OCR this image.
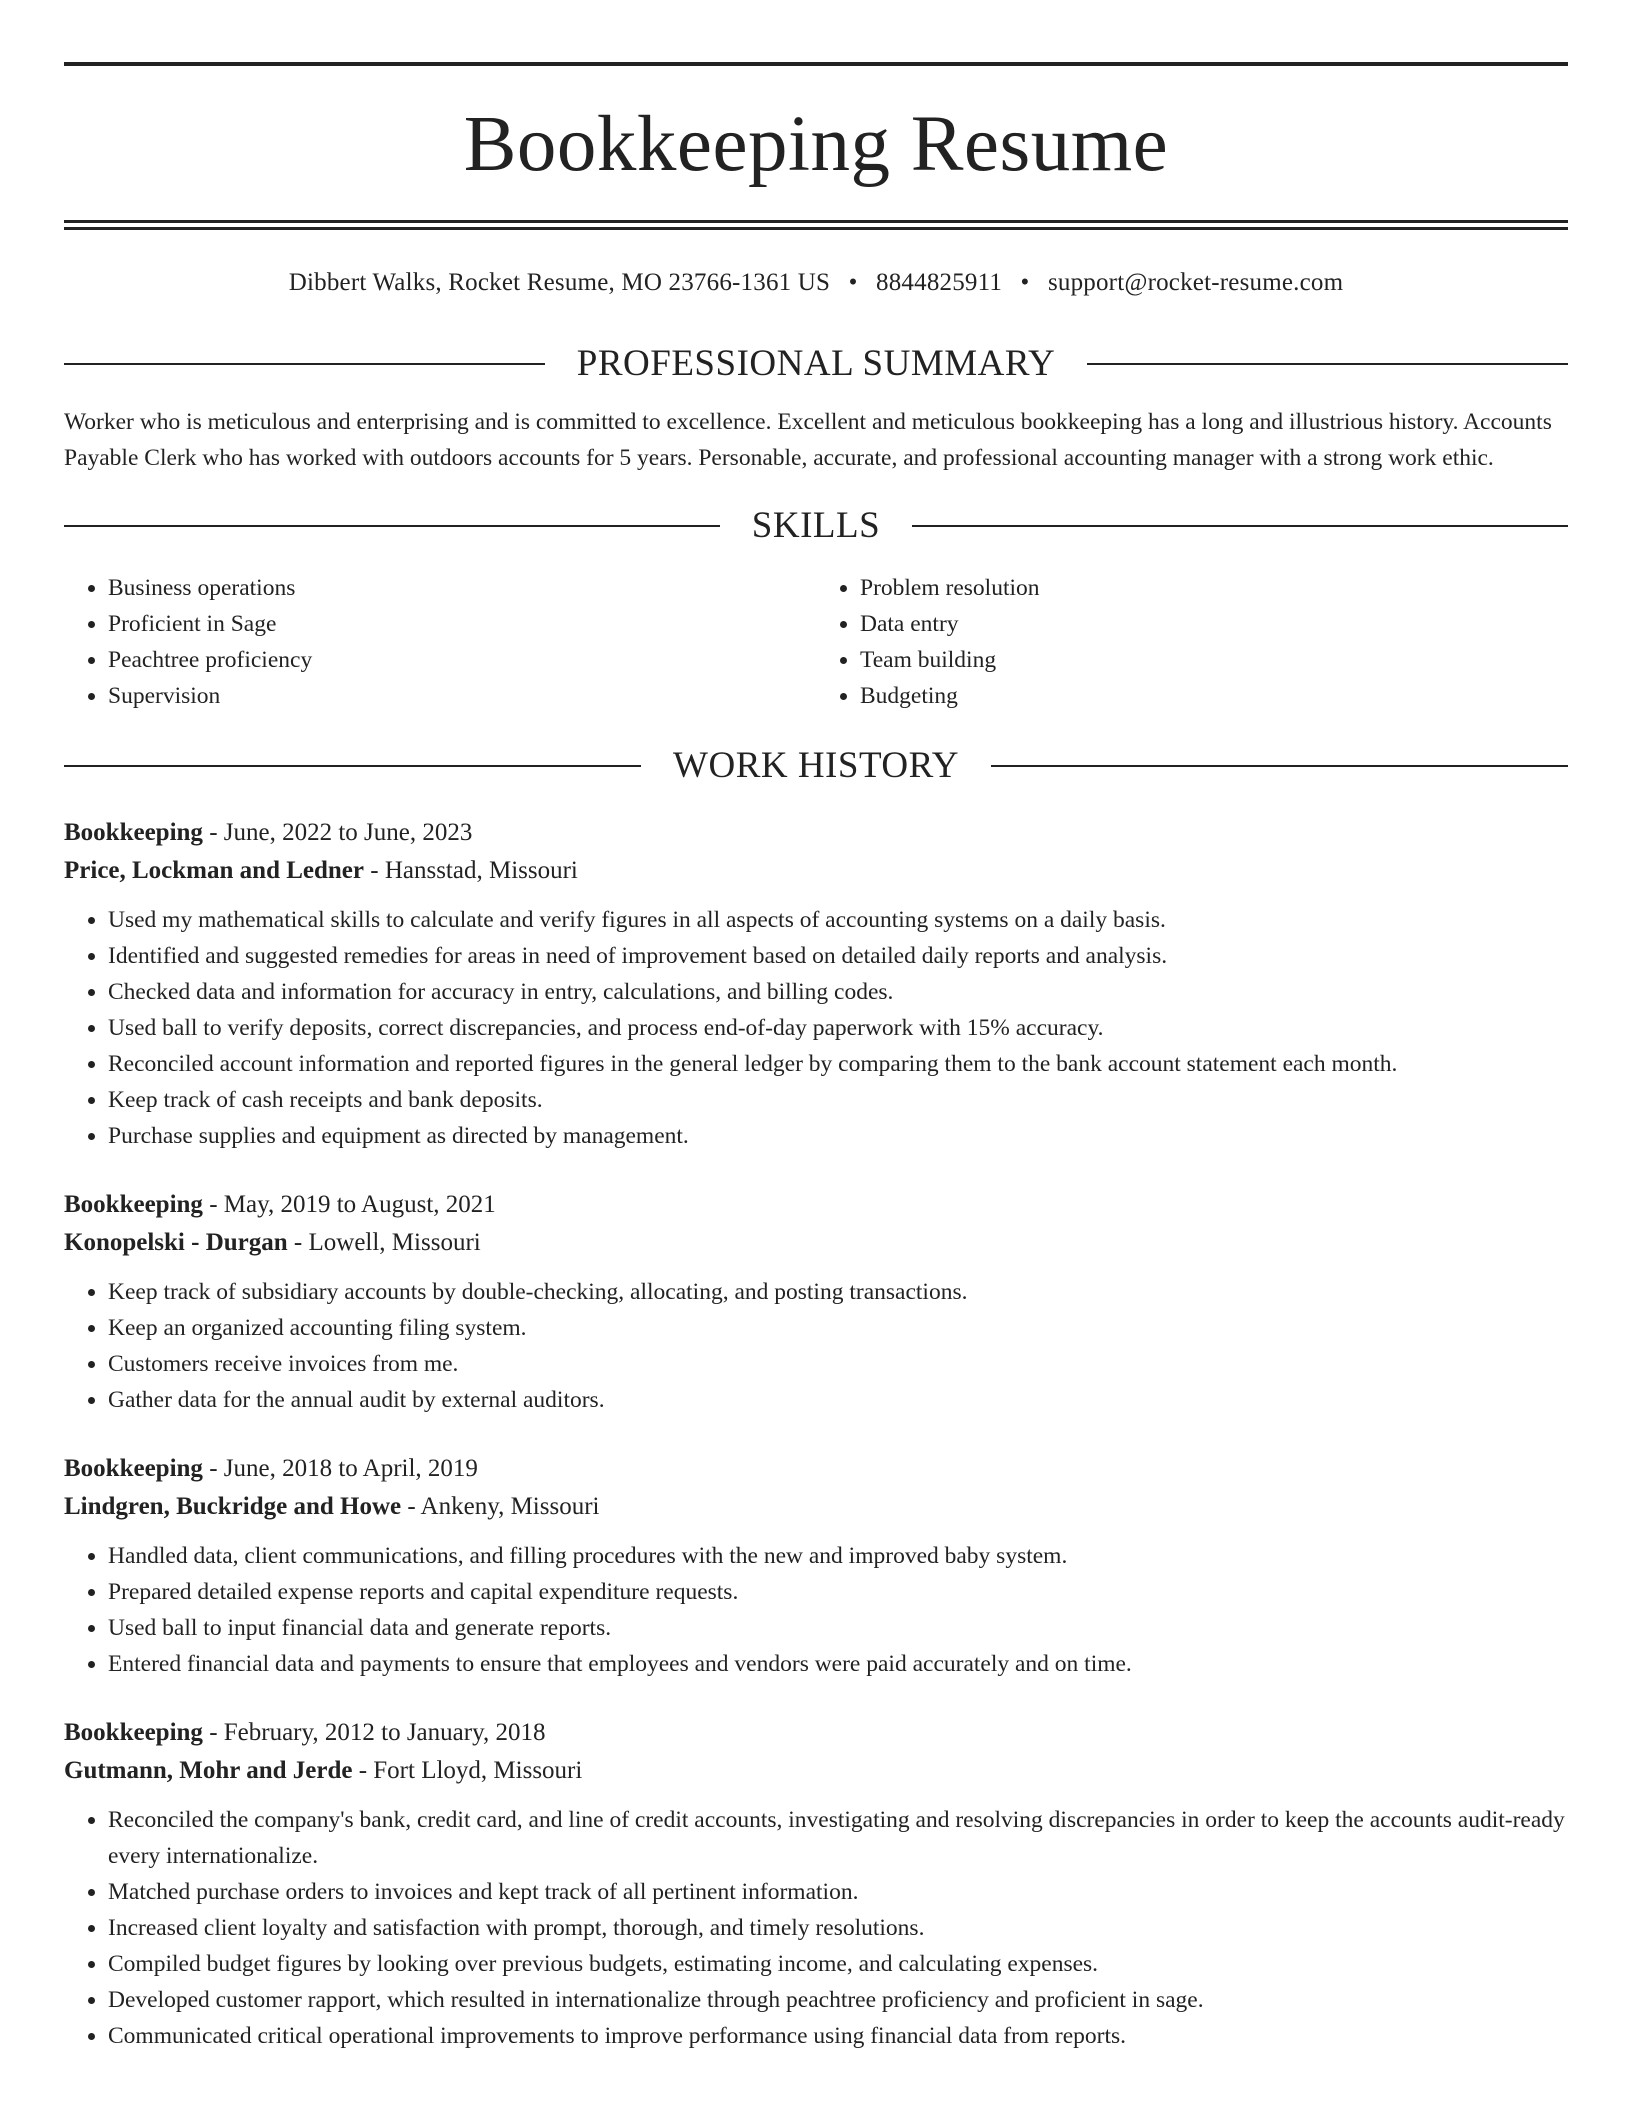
Bookkeeping Resume
Dibbert Walks, Rocket Resume, MO 23766-1361 US • 8844825911 • support@rocket-resume.com
PROFESSIONAL SUMMARY

Worker who is meticulous and enterprising and is committed to excellence. Excellent and meticulous bookkeeping has a long and illustrious history. Accounts Payable Clerk who has worked with outdoors accounts for 5 years. Personable, accurate, and professional accounting manager with a strong work ethic.

SKILLS
• Business operations
• Proficient in Sage
• Peachtree proficiency
• Supervision
• Problem resolution
• Data entry
• Team building
• Budgeting
WORK HISTORY
Bookkeeping - June, 2022 to June, 2023
Price, Lockman and Ledner - Hansstad, Missouri
• Used my mathematical skills to calculate and verify figures in all aspects of accounting systems on a daily basis.
• Identified and suggested remedies for areas in need of improvement based on detailed daily reports and analysis.
• Checked data and information for accuracy in entry, calculations, and billing codes.
• Used ball to verify deposits, correct discrepancies, and process end-of-day paperwork with 15% accuracy.
• Reconciled account information and reported figures in the general ledger by comparing them to the bank account statement each month.
• Keep track of cash receipts and bank deposits.
• Purchase supplies and equipment as directed by management.
Bookkeeping - May, 2019 to August, 2021
Konopelski - Durgan - Lowell, Missouri
• Keep track of subsidiary accounts by double-checking, allocating, and posting transactions.
• Keep an organized accounting filing system.
• Customers receive invoices from me.
• Gather data for the annual audit by external auditors.
Bookkeeping - June, 2018 to April, 2019
Lindgren, Buckridge and Howe - Ankeny, Missouri
• Handled data, client communications, and filling procedures with the new and improved baby system.
• Prepared detailed expense reports and capital expenditure requests.
• Used ball to input financial data and generate reports.
• Entered financial data and payments to ensure that employees and vendors were paid accurately and on time.
Bookkeeping - February, 2012 to January, 2018
Gutmann, Mohr and Jerde - Fort Lloyd, Missouri
• Reconciled the company's bank, credit card, and line of credit accounts, investigating and resolving discrepancies in order to keep the accounts audit-ready every internationalize.
• Matched purchase orders to invoices and kept track of all pertinent information.
• Increased client loyalty and satisfaction with prompt, thorough, and timely resolutions.
• Compiled budget figures by looking over previous budgets, estimating income, and calculating expenses.
• Developed customer rapport, which resulted in internationalize through peachtree proficiency and proficient in sage.
• Communicated critical operational improvements to improve performance using financial data from reports.
